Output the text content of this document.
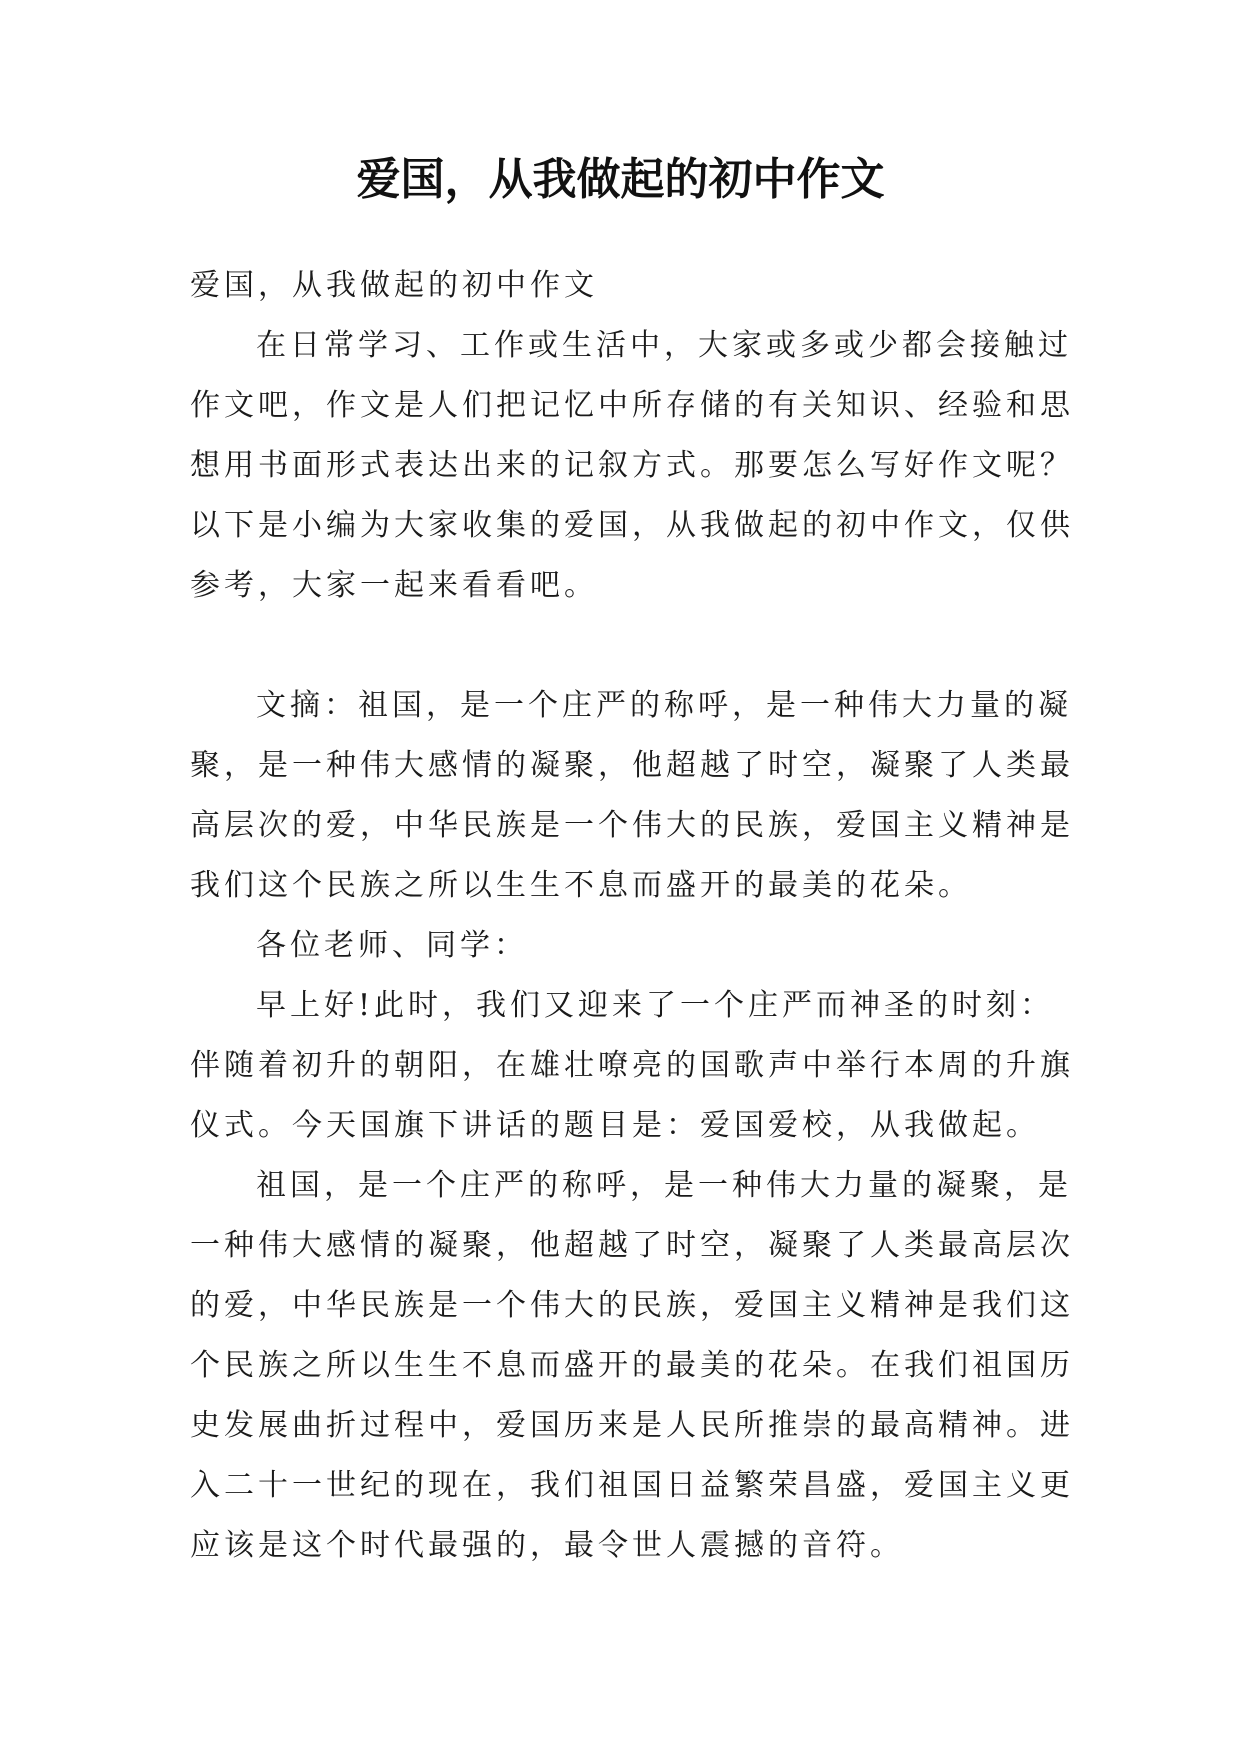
爱国，从我做起的初中作文
爱国，从我做起的初中作文
在日常学习、工作或生活中，大家或多或少都会接触过
作文吧，作文是人们把记忆中所存储的有关知识、经验和思
想用书面形式表达出来的记叙方式。那要怎么写好作文呢？
以下是小编为大家收集的爱国，从我做起的初中作文，仅供
参考，大家一起来看看吧。
文摘：祖国，是一个庄严的称呼，是一种伟大力量的凝
聚，是一种伟大感情的凝聚，他超越了时空，凝聚了人类最
高层次的爱，中华民族是一个伟大的民族，爱国主义精神是
我们这个民族之所以生生不息而盛开的最美的花朵。
各位老师、同学：
早上好!此时，我们又迎来了一个庄严而神圣的时刻：
伴随着初升的朝阳，在雄壮嘹亮的国歌声中举行本周的升旗
仪式。今天国旗下讲话的题目是：爱国爱校，从我做起。
祖国，是一个庄严的称呼，是一种伟大力量的凝聚，是
一种伟大感情的凝聚，他超越了时空，凝聚了人类最高层次
的爱，中华民族是一个伟大的民族，爱国主义精神是我们这
个民族之所以生生不息而盛开的最美的花朵。在我们祖国历
史发展曲折过程中，爱国历来是人民所推崇的最高精神。进
入二十一世纪的现在，我们祖国日益繁荣昌盛，爱国主义更
应该是这个时代最强的，最令世人震撼的音符。
